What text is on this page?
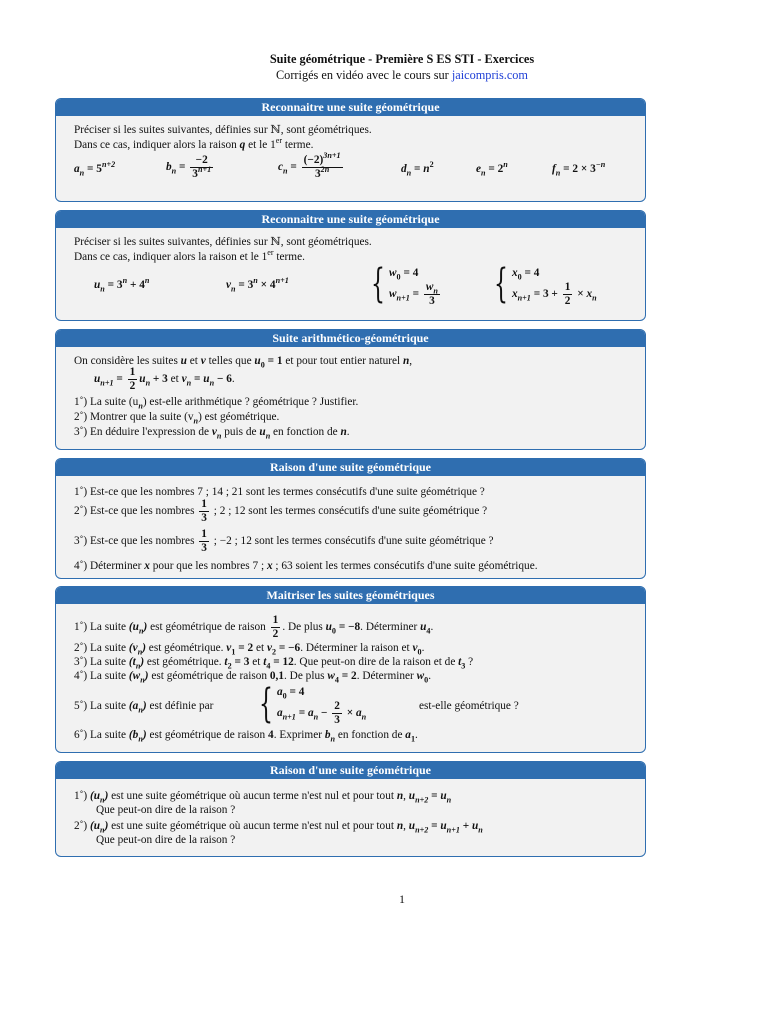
Suite géométrique - Première S ES STI - Exercices
Corrigés en vidéo avec le cours sur jaicompris.com
Reconnaitre une suite géométrique
Préciser si les suites suivantes, définies sur ℕ, sont géométriques.
Dans ce cas, indiquer alors la raison q et le 1er terme.
$a_n = 5^{n+2}$	$b_n = \frac{-2}{3^{n+1}}$	$c_n = \frac{(-2)^{3n+1}}{3^{2n}}$	$d_n = n^2$	$e_n = 2^n$	$f_n = 2 \times 3^{-n}$
Reconnaitre une suite géométrique
Préciser si les suites suivantes, définies sur ℕ, sont géométriques.
Dans ce cas, indiquer alors la raison et le 1er terme.
$u_n = 3^n + 4^n$	$v_n = 3^n \times 4^{n+1}$ { $w_0 = 4$
$w_{n+1} = \frac{w_n}{3}$ { $x_0 = 4$
$x_{n+1} = 3 + \frac{1}{2} \times x_n$
Suite arithmético-géométrique
On considère les suites u et v telles que $u_0 = 1$ et pour tout entier naturel n,
$u_{n+1} = \frac{1}{2} u_n + 3$ et $v_n = u_n - 6$.
1˚) La suite $(u_n)$ est-elle arithmétique ? géométrique ? Justifier.
2˚) Montrer que la suite $(v_n)$ est géométrique.
3˚) En déduire l'expression de $v_n$ puis de $u_n$ en fonction de n.
Raison d'une suite géométrique
1˚) Est-ce que les nombres 7 ; 14 ; 21 sont les termes consécutifs d'une suite géométrique ?
2˚) Est-ce que les nombres $\frac{1}{3}$ ; 2 ; 12 sont les termes consécutifs d'une suite géométrique ?
3˚) Est-ce que les nombres $\frac{1}{3}$ ; −2 ; 12 sont les termes consécutifs d'une suite géométrique ?
4˚) Déterminer x pour que les nombres 7 ; x ; 63 soient les termes consécutifs d'une suite géométrique.
Maitriser les suites géométriques
1˚) La suite $(u_n)$ est géométrique de raison $\frac{1}{2}$ . De plus $u_0 = -8$. Déterminer $u_4$.
2˚) La suite $(v_n)$ est géométrique. $v_1 = 2$ et $v_2 = -6$. Déterminer la raison et $v_0$.
3˚) La suite $(t_n)$ est géométrique. $t_2 = 3$ et $t_4 = 12$. Que peut-on dire de la raison et de $t_3$ ?
4˚) La suite $(w_n)$ est géométrique de raison 0,1. De plus $w_4 = 2$. Déterminer $w_0$.
5˚) La suite $(a_n)$ est définie par { $a_0 = 4$
$a_{n+1} = a_n - \frac{2}{3} \times a_n$
est-elle géométrique ?
6˚) La suite $(b_n)$ est géométrique de raison 4. Exprimer $b_n$ en fonction de $a_1$.
Raison d'une suite géométrique
1˚) $(u_n)$ est une suite géométrique où aucun terme n'est nul et pour tout n, $u_{n+2} = u_n$
Que peut-on dire de la raison ?
2˚) $(u_n)$ est une suite géométrique où aucun terme n'est nul et pour tout n, $u_{n+2} = u_{n+1} + u_n$
Que peut-on dire de la raison ?
1
